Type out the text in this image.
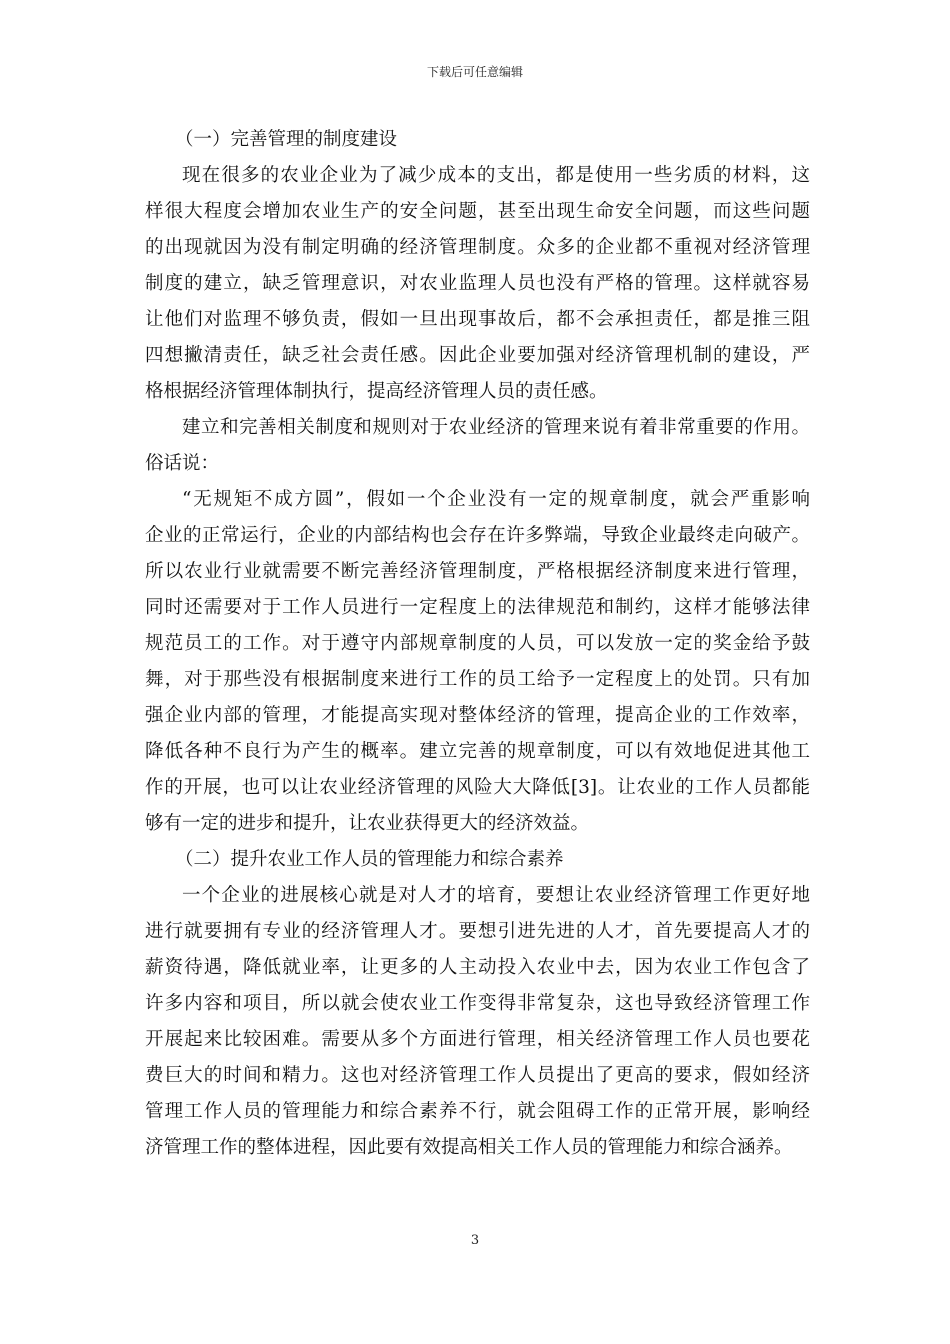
下载后可任意编辑
（一）完善管理的制度建设
现在很多的农业企业为了减少成本的支出，都是使用一些劣质的材料，这
样很大程度会增加农业生产的安全问题，甚至出现生命安全问题，而这些问题
的出现就因为没有制定明确的经济管理制度。众多的企业都不重视对经济管理
制度的建立，缺乏管理意识，对农业监理人员也没有严格的管理。这样就容易
让他们对监理不够负责，假如一旦出现事故后，都不会承担责任，都是推三阻
四想撇清责任，缺乏社会责任感。因此企业要加强对经济管理机制的建设，严
格根据经济管理体制执行，提高经济管理人员的责任感。
建立和完善相关制度和规则对于农业经济的管理来说有着非常重要的作用。
俗话说：
“无规矩不成方圆”，假如一个企业没有一定的规章制度，就会严重影响
企业的正常运行，企业的内部结构也会存在许多弊端，导致企业最终走向破产。
所以农业行业就需要不断完善经济管理制度，严格根据经济制度来进行管理，
同时还需要对于工作人员进行一定程度上的法律规范和制约，这样才能够法律
规范员工的工作。对于遵守内部规章制度的人员，可以发放一定的奖金给予鼓
舞，对于那些没有根据制度来进行工作的员工给予一定程度上的处罚。只有加
强企业内部的管理，才能提高实现对整体经济的管理，提高企业的工作效率，
降低各种不良行为产生的概率。建立完善的规章制度，可以有效地促进其他工
作的开展，也可以让农业经济管理的风险大大降低[3]。让农业的工作人员都能
够有一定的进步和提升，让农业获得更大的经济效益。
（二）提升农业工作人员的管理能力和综合素养
一个企业的进展核心就是对人才的培育，要想让农业经济管理工作更好地
进行就要拥有专业的经济管理人才。要想引进先进的人才，首先要提高人才的
薪资待遇，降低就业率，让更多的人主动投入农业中去，因为农业工作包含了
许多内容和项目，所以就会使农业工作变得非常复杂，这也导致经济管理工作
开展起来比较困难。需要从多个方面进行管理，相关经济管理工作人员也要花
费巨大的时间和精力。这也对经济管理工作人员提出了更高的要求，假如经济
管理工作人员的管理能力和综合素养不行，就会阻碍工作的正常开展，影响经
济管理工作的整体进程，因此要有效提高相关工作人员的管理能力和综合涵养。
3
